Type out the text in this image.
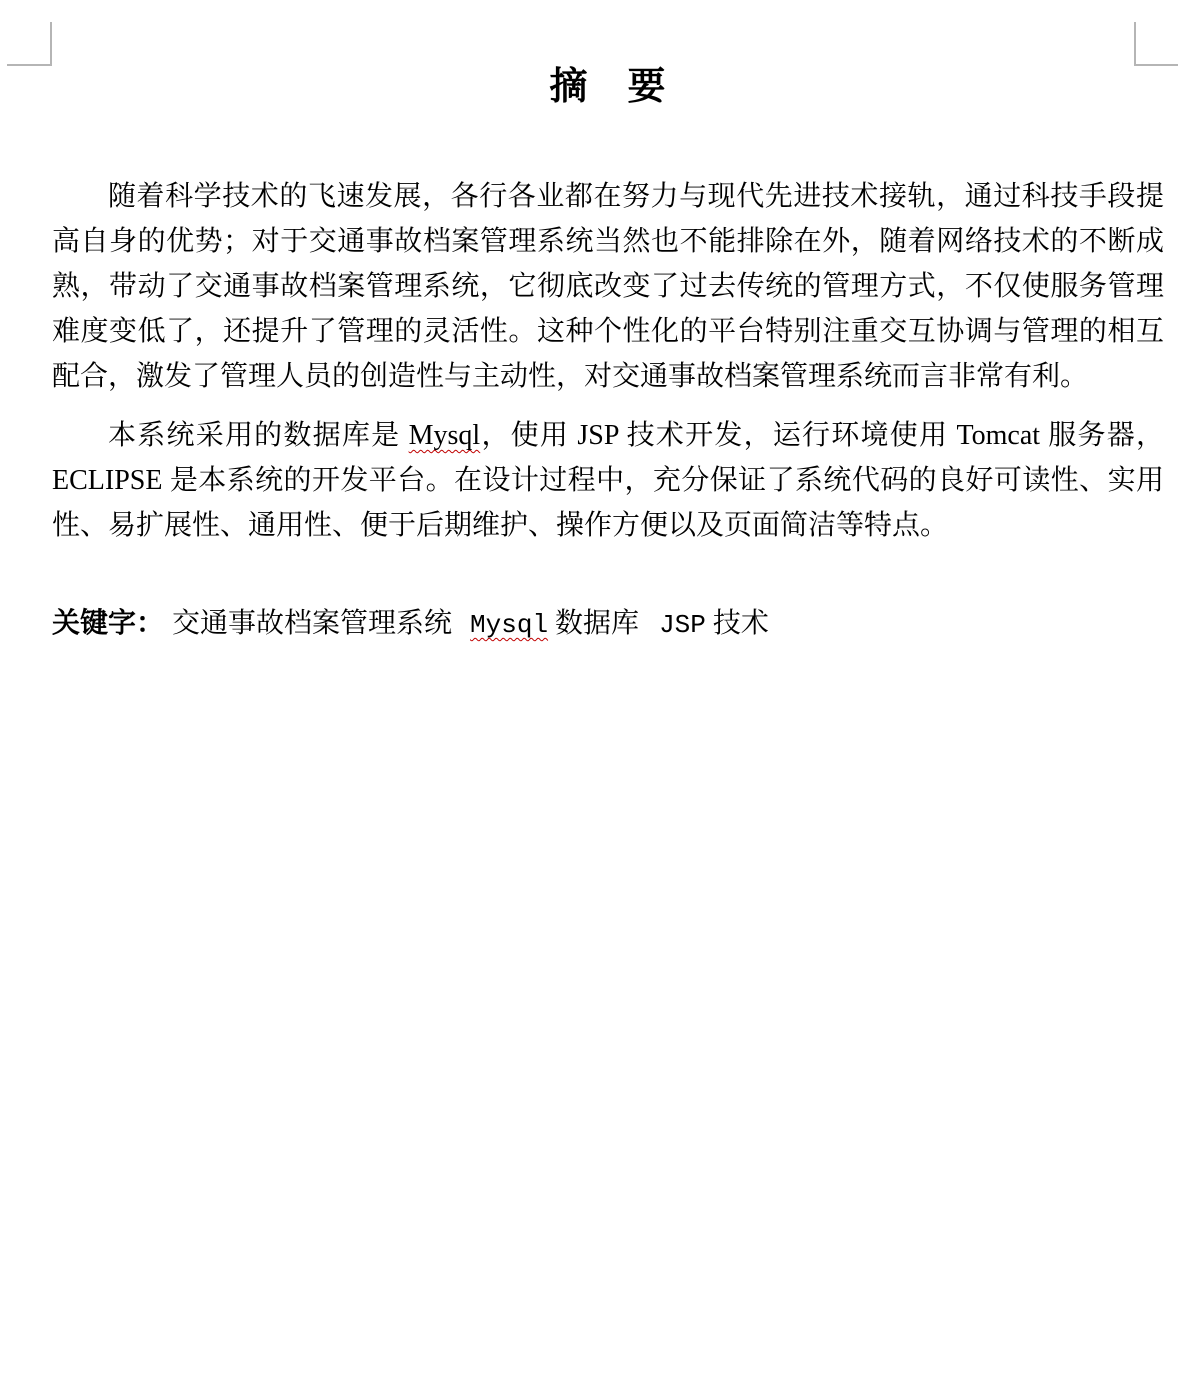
摘　要

随着科学技术的飞速发展，各行各业都在努力与现代先进技术接轨，通过科技手段提高自身的优势；对于交通事故档案管理系统当然也不能排除在外，随着网络技术的不断成熟，带动了交通事故档案管理系统，它彻底改变了过去传统的管理方式，不仅使服务管理难度变低了，还提升了管理的灵活性。这种个性化的平台特别注重交互协调与管理的相互配合，激发了管理人员的创造性与主动性，对交通事故档案管理系统而言非常有利。

本系统采用的数据库是 Mysql，使用 JSP 技术开发，运行环境使用 Tomcat 服务器，ECLIPSE 是本系统的开发平台。在设计过程中，充分保证了系统代码的良好可读性、实用性、易扩展性、通用性、便于后期维护、操作方便以及页面简洁等特点。

关键字： 交通事故档案管理系统 Mysql 数据库 JSP 技术
